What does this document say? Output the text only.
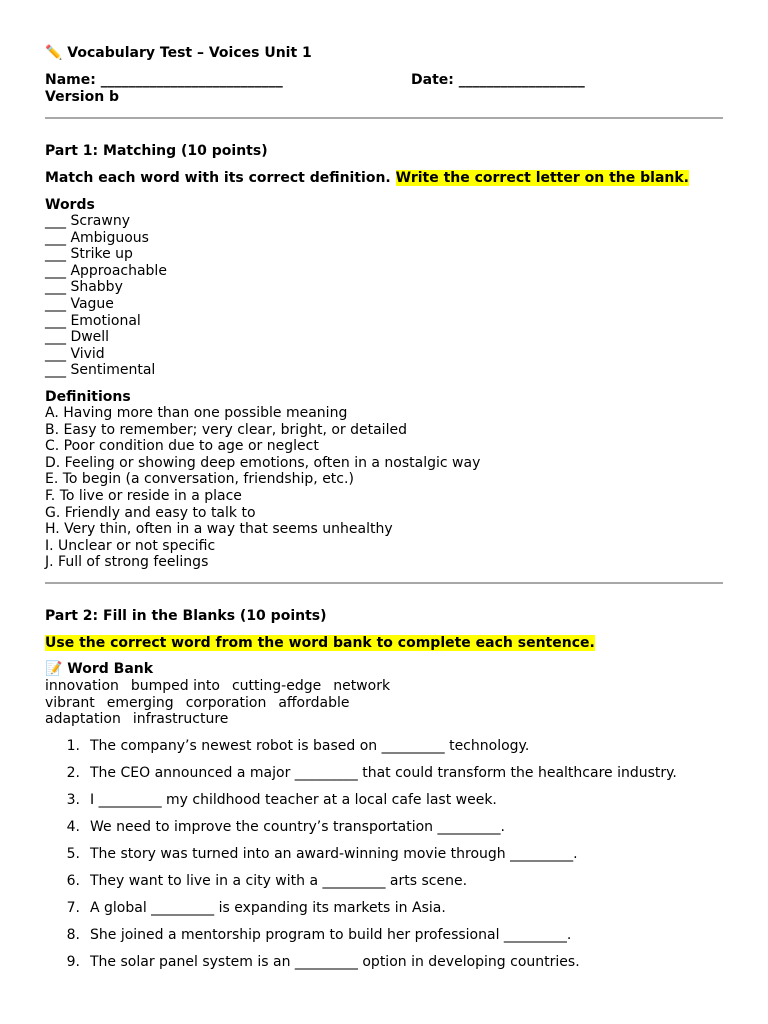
✏️ Vocabulary Test – Voices Unit 1
Name: __________________________	Date: __________________
Version b
Part 1: Matching (10 points)
Match each word with its correct definition. Write the correct letter on the blank.
Words
___ Scrawny
___ Ambiguous
___ Strike up
___ Approachable
___ Shabby
___ Vague
___ Emotional
___ Dwell
___ Vivid
___ Sentimental
Definitions
A. Having more than one possible meaning
B. Easy to remember; very clear, bright, or detailed
C. Poor condition due to age or neglect
D. Feeling or showing deep emotions, often in a nostalgic way
E. To begin (a conversation, friendship, etc.)
F. To live or reside in a place
G. Friendly and easy to talk to
H. Very thin, often in a way that seems unhealthy
I. Unclear or not specific
J. Full of strong feelings
Part 2: Fill in the Blanks (10 points)
Use the correct word from the word bank to complete each sentence.
📝 Word Bank
innovation bumped into cutting-edge network
vibrant emerging corporation affordable
adaptation infrastructure
1. The company’s newest robot is based on _________ technology.
2. The CEO announced a major _________ that could transform the healthcare industry.
3. I _________ my childhood teacher at a local cafe last week.
4. We need to improve the country’s transportation _________.
5. The story was turned into an award-winning movie through _________.
6. They want to live in a city with a _________ arts scene.
7. A global _________ is expanding its markets in Asia.
8. She joined a mentorship program to build her professional _________.
9. The solar panel system is an _________ option in developing countries.
